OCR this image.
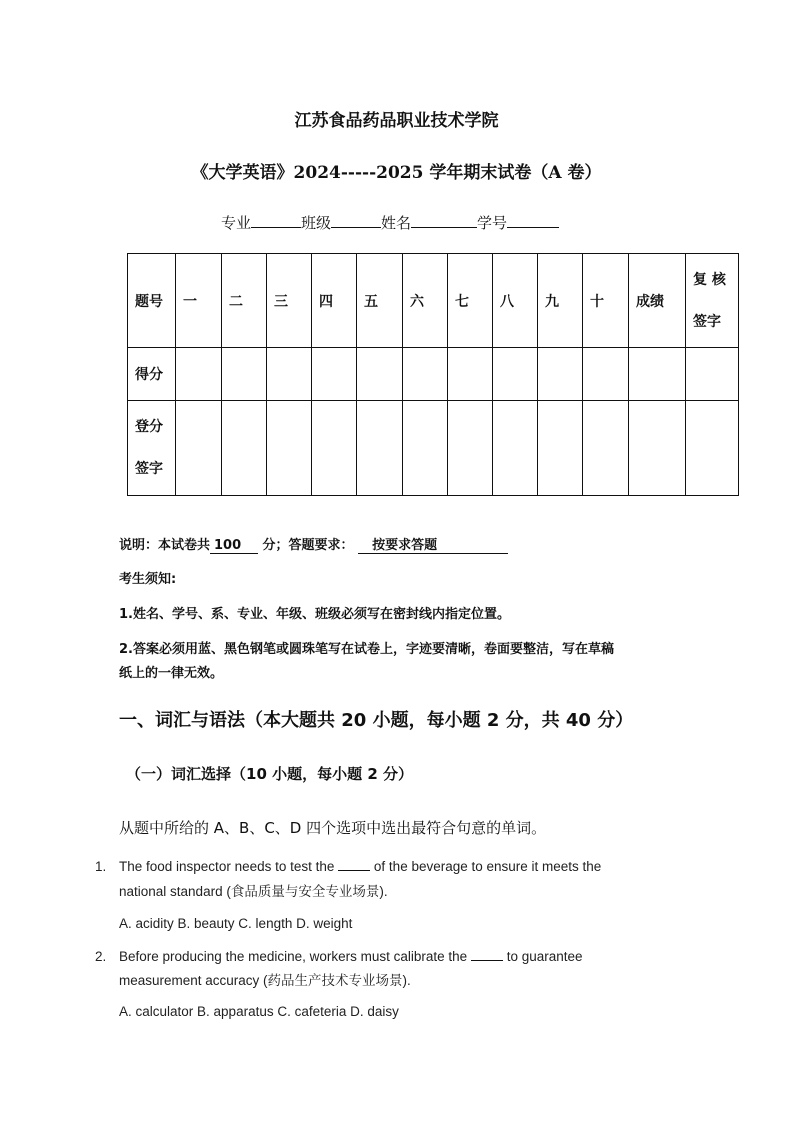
江苏食品药品职业技术学院
《大学英语》2024-----2025 学年期末试卷（A 卷）
专业	班级	姓名	学号
题号	一	二	三	四	五	六	七	八	九	十	成绩	复 核
签字

得分												

登分
签字												

说明：本试卷共 100 分；答题要求： 按要求答题
考生须知:
1.姓名、学号、系、专业、年级、班级必须写在密封线内指定位置。
2.答案必须用蓝、黑色钢笔或圆珠笔写在试卷上，字迹要清晰，卷面要整洁，写在草稿
纸上的一律无效。
一、词汇与语法（本大题共 20 小题，每小题 2 分，共 40 分）
（一）词汇选择（10 小题，每小题 2 分）
从题中所给的 A、B、C、D 四个选项中选出最符合句意的单词。
1. The food inspector needs to test the	of the beverage to ensure it meets the
national standard (食品质量与安全专业场景).
A. acidity B. beauty C. length D. weight
2. Before producing the medicine, workers must calibrate the	to guarantee
measurement accuracy (药品生产技术专业场景).
A. calculator B. apparatus C. cafeteria D. daisy
